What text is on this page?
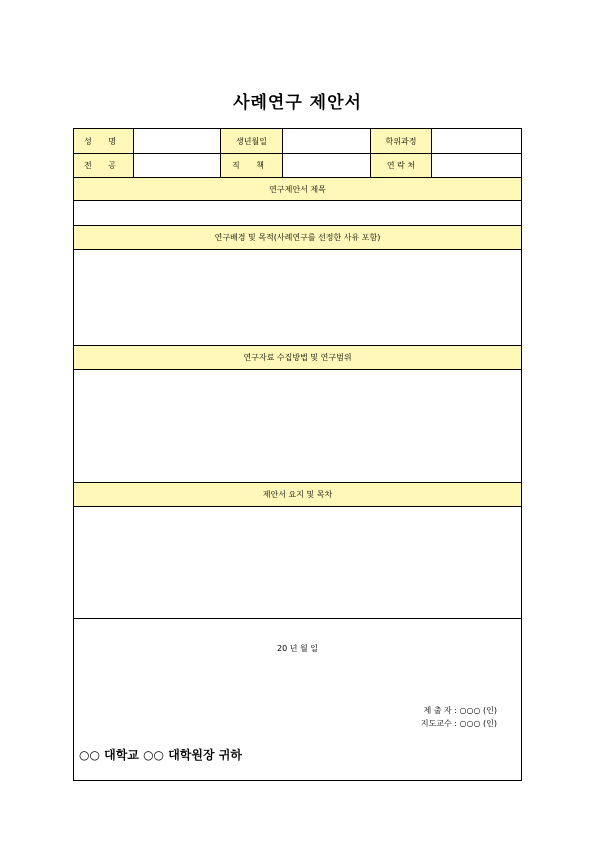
사례연구 제안서
성 명	생년월일	학위과정
전 공	직 책	연 락 처
연구제안서 제목
연구배경 및 목적(사례연구를 선정한 사유 포함)
연구자료 수집방법 및 연구범위
제안서 요지 및 목차
20 년 월 일
제 출 자 : ○○○ (인)
지도교수 : ○○○ (인)
○○ 대학교 ○○ 대학원장 귀하
